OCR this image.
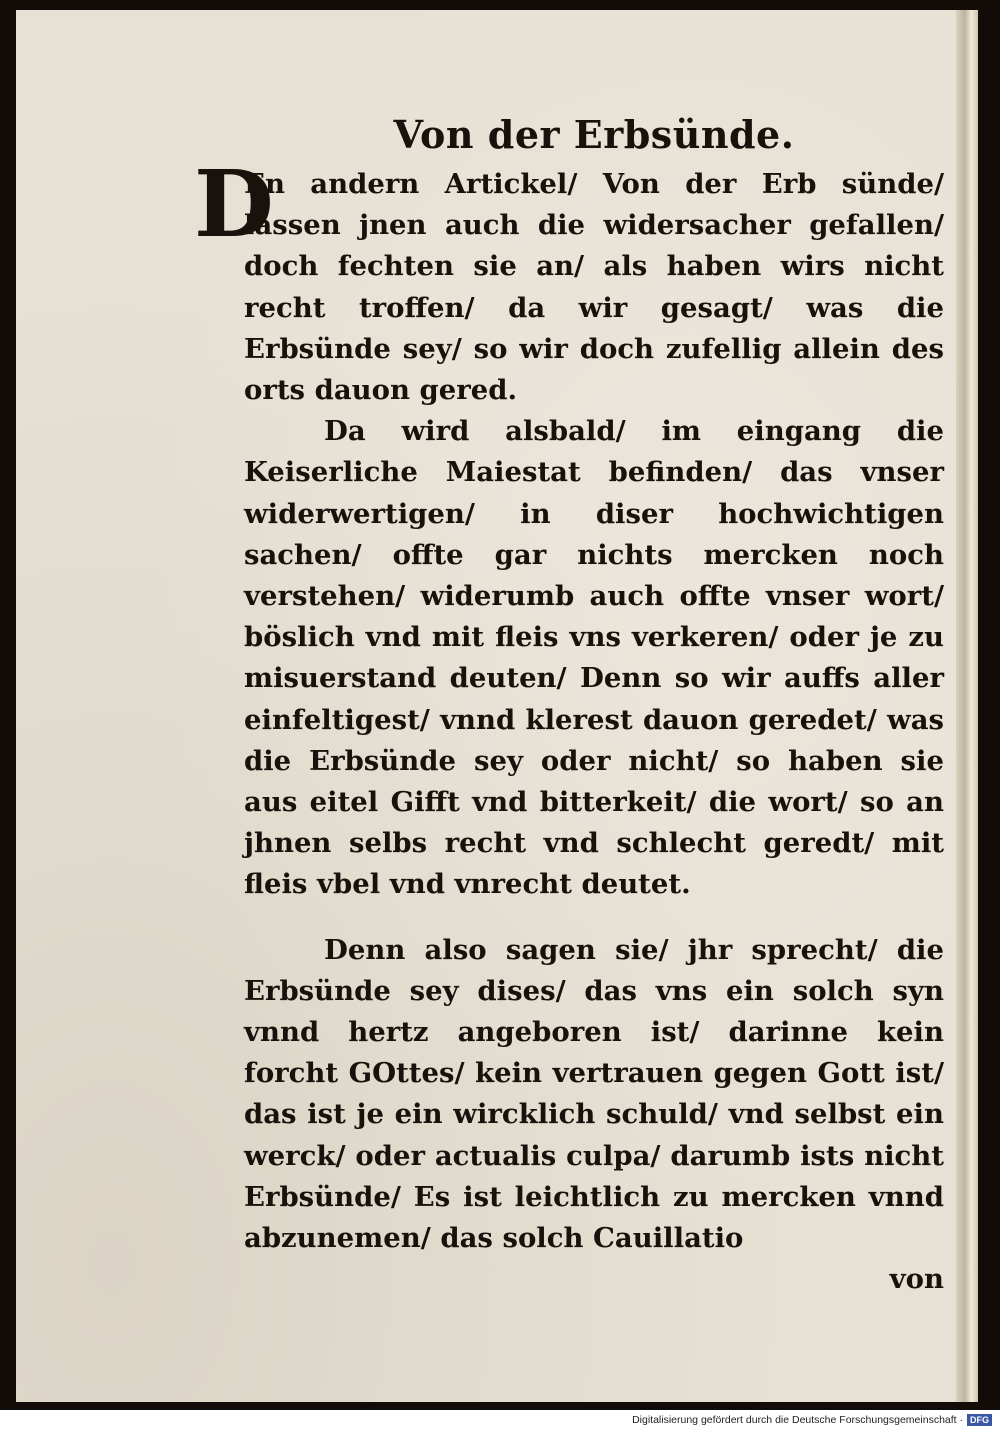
Von der Erbsünde.

D
En andern Artickel/ Von der Erb sünde/ lassen jnen auch die widersacher gefallen/ doch fechten sie an/ als haben wirs nicht recht troffen/ da wir gesagt/ was die Erbsünde sey/ so wir doch zufellig allein des orts dauon gered.

Da wird alsbald/ im eingang die Keiserliche Maiestat befinden/ das vnser widerwertigen/ in diser hochwichtigen sachen/ offte gar nichts mercken noch verstehen/ widerumb auch offte vnser wort/ böslich vnd mit fleis vns verkeren/ oder je zu misuerstand deuten/ Denn so wir auffs aller einfeltigest/ vnnd klerest dauon geredet/ was die Erbsünde sey oder nicht/ so haben sie aus eitel Gifft vnd bitterkeit/ die wort/ so an jhnen selbs recht vnd schlecht geredt/ mit fleis vbel vnd vnrecht deutet.

Denn also sagen sie/ jhr sprecht/ die Erbsünde sey dises/ das vns ein solch syn vnnd hertz angeboren ist/ darinne kein forcht GOttes/ kein vertrauen gegen Gott ist/ das ist je ein wircklich schuld/ vnd selbst ein werck/ oder actualis culpa/ darumb ists nicht Erbsünde/ Es ist leichtlich zu mercken vnnd abzunemen/ das solch Cauillatio

von

Digitalisierung gefördert durch die Deutsche Forschungsgemeinschaft · DFG
